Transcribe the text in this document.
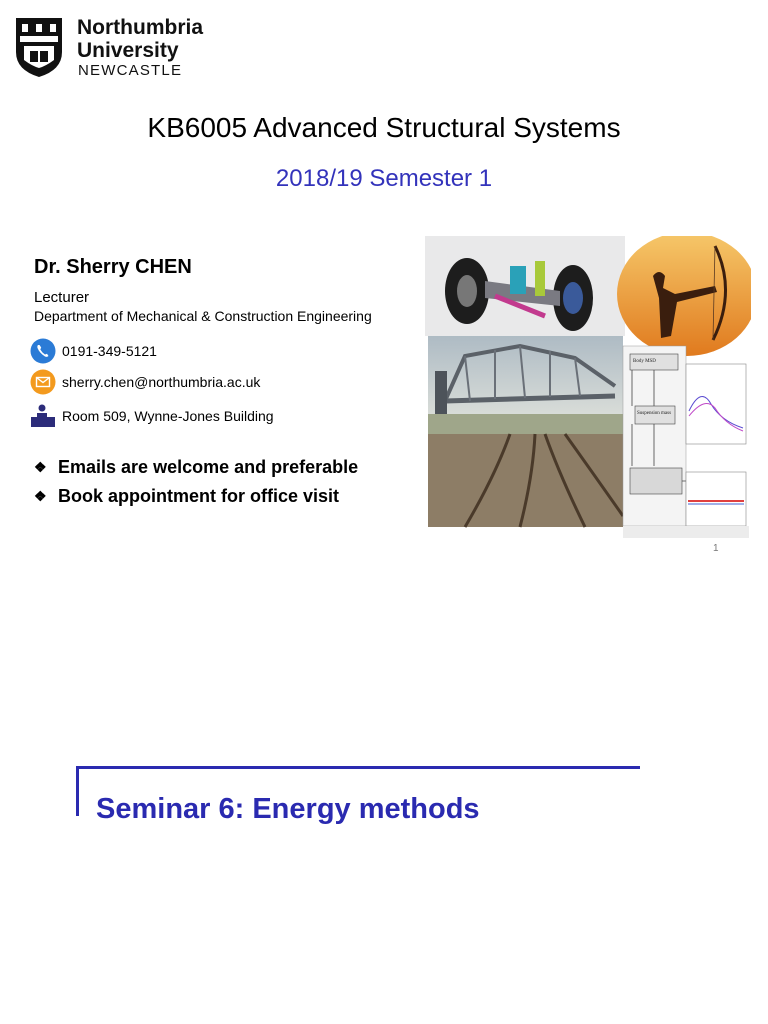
Northumbria
University
NEWCASTLE
KB6005 Advanced Structural Systems
2018/19 Semester 1
Dr. Sherry CHEN
Lecturer
Department of Mechanical & Construction Engineering
0191-349-5121
sherry.chen@northumbria.ac.uk
Room 509, Wynne-Jones Building
❖ Emails are welcome and preferable
❖ Book appointment for office visit
Body MSD
Suspension mass
1
Seminar 6: Energy methods
